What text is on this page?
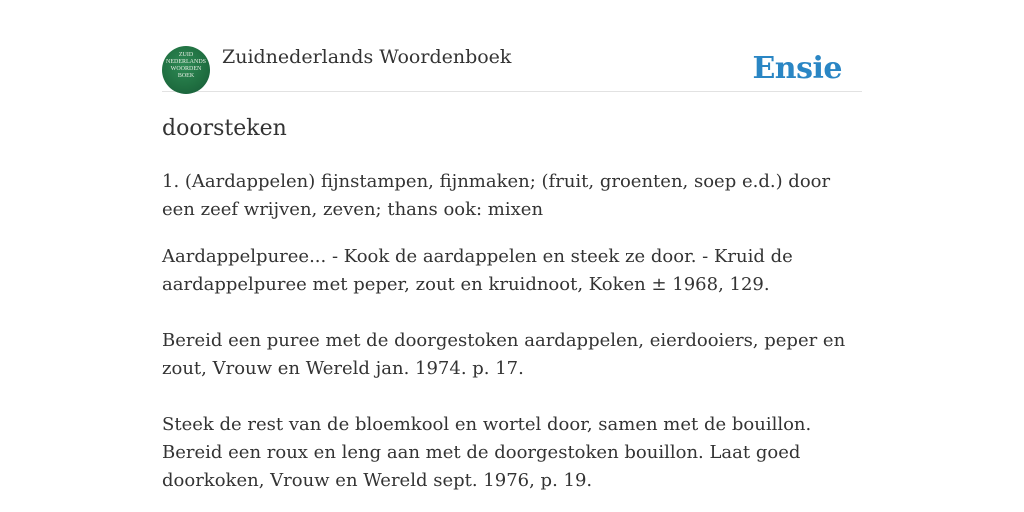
ZUID
NEDERLANDS
WOORDEN
BOEK
Zuidnederlands Woordenboek	Ensie
doorsteken
1. (Aardappelen) fijnstampen, fijnmaken; (fruit, groenten, soep e.d.) door een zeef wrijven, zeven; thans ook: mixen
Aardappelpuree... - Kook de aardappelen en steek ze door. - Kruid de aardappelpuree met peper, zout en kruidnoot, Koken ± 1968, 129.
Bereid een puree met de doorgestoken aardappelen, eierdooiers, peper en zout, Vrouw en Wereld jan. 1974. p. 17.
Steek de rest van de bloemkool en wortel door, samen met de bouillon. Bereid een roux en leng aan met de doorgestoken bouillon. Laat goed doorkoken, Vrouw en Wereld sept. 1976, p. 19.
